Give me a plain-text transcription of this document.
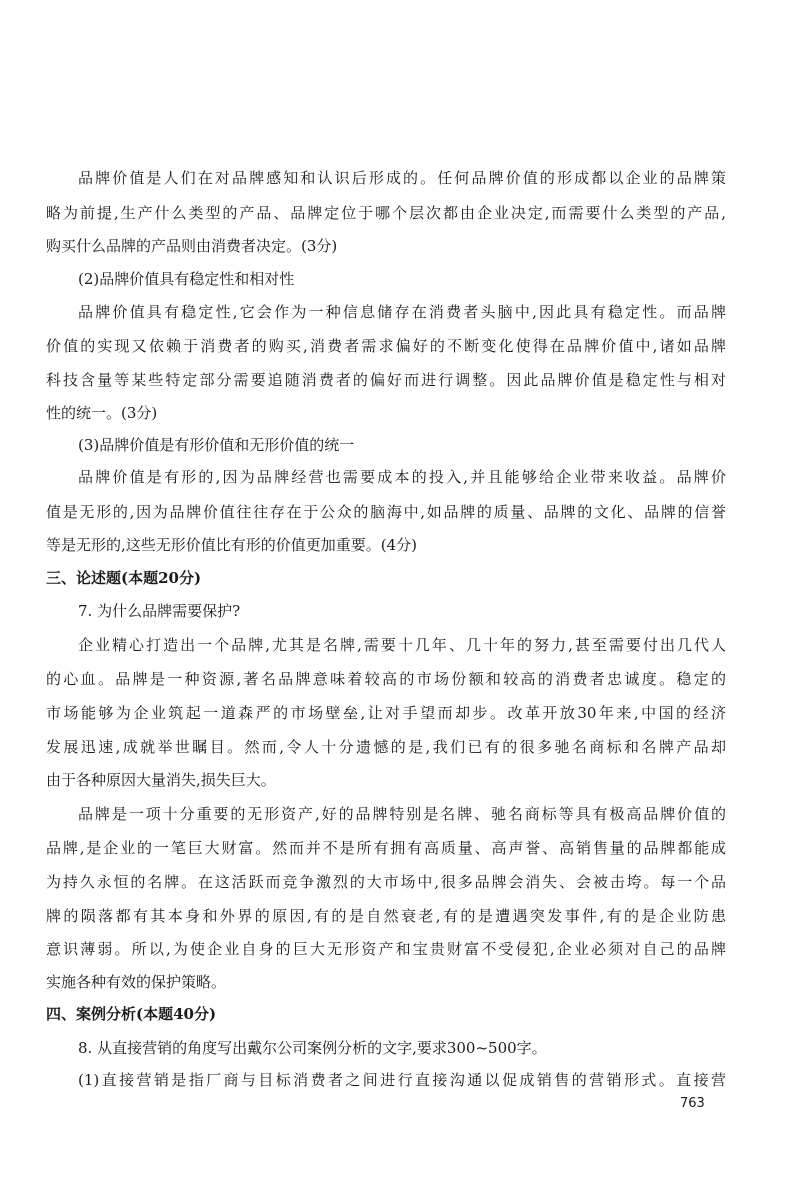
品牌价值是人们在对品牌感知和认识后形成的。任何品牌价值的形成都以企业的品牌策
略为前提,生产什么类型的产品、品牌定位于哪个层次都由企业决定,而需要什么类型的产品,
购买什么品牌的产品则由消费者决定。(3分)
(2)品牌价值具有稳定性和相对性
品牌价值具有稳定性,它会作为一种信息储存在消费者头脑中,因此具有稳定性。而品牌
价值的实现又依赖于消费者的购买,消费者需求偏好的不断变化使得在品牌价值中,诸如品牌
科技含量等某些特定部分需要追随消费者的偏好而进行调整。因此品牌价值是稳定性与相对
性的统一。(3分)
(3)品牌价值是有形价值和无形价值的统一
品牌价值是有形的,因为品牌经营也需要成本的投入,并且能够给企业带来收益。品牌价
值是无形的,因为品牌价值往往存在于公众的脑海中,如品牌的质量、品牌的文化、品牌的信誉
等是无形的,这些无形价值比有形的价值更加重要。(4分)
三、论述题(本题20分)
7. 为什么品牌需要保护?
企业精心打造出一个品牌,尤其是名牌,需要十几年、几十年的努力,甚至需要付出几代人
的心血。品牌是一种资源,著名品牌意味着较高的市场份额和较高的消费者忠诚度。稳定的
市场能够为企业筑起一道森严的市场壁垒,让对手望而却步。改革开放30年来,中国的经济
发展迅速,成就举世瞩目。然而,令人十分遗憾的是,我们已有的很多驰名商标和名牌产品却
由于各种原因大量消失,损失巨大。
品牌是一项十分重要的无形资产,好的品牌特别是名牌、驰名商标等具有极高品牌价值的
品牌,是企业的一笔巨大财富。然而并不是所有拥有高质量、高声誉、高销售量的品牌都能成
为持久永恒的名牌。在这活跃而竞争激烈的大市场中,很多品牌会消失、会被击垮。每一个品
牌的陨落都有其本身和外界的原因,有的是自然衰老,有的是遭遇突发事件,有的是企业防患
意识薄弱。所以,为使企业自身的巨大无形资产和宝贵财富不受侵犯,企业必须对自己的品牌
实施各种有效的保护策略。
四、案例分析(本题40分)
8. 从直接营销的角度写出戴尔公司案例分析的文字,要求300~500字。
(1)直接营销是指厂商与目标消费者之间进行直接沟通以促成销售的营销形式。直接营
763
